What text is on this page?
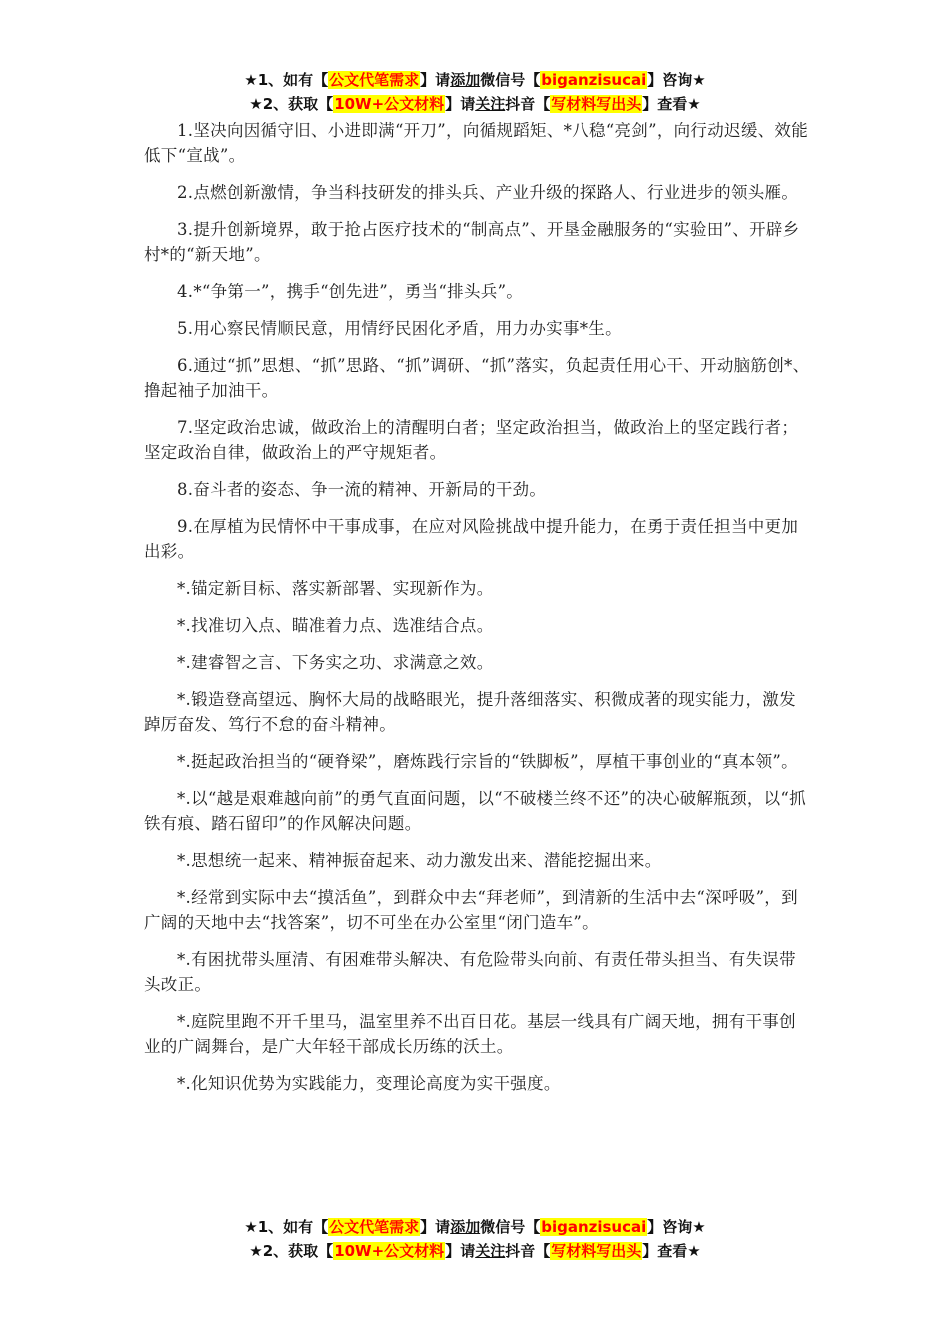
★1、如有【公文代笔需求】请添加微信号【biganzisucai】咨询★
★2、获取【10W+公文材料】请关注抖音【写材料写出头】查看★

1.坚决向因循守旧、小进即满“开刀”，向循规蹈矩、*八稳“亮剑”，向行动迟缓、效能低下“宣战”。

2.点燃创新激情，争当科技研发的排头兵、产业升级的探路人、行业进步的领头雁。

3.提升创新境界，敢于抢占医疗技术的“制高点”、开垦金融服务的“实验田”、开辟乡村*的“新天地”。

4.*“争第一”，携手“创先进”，勇当“排头兵”。

5.用心察民情顺民意，用情纾民困化矛盾，用力办实事*生。

6.通过“抓”思想、“抓”思路、“抓”调研、“抓”落实，负起责任用心干、开动脑筋创*、撸起袖子加油干。

7.坚定政治忠诚，做政治上的清醒明白者；坚定政治担当，做政治上的坚定践行者；坚定政治自律，做政治上的严守规矩者。

8.奋斗者的姿态、争一流的精神、开新局的干劲。

9.在厚植为民情怀中干事成事，在应对风险挑战中提升能力，在勇于责任担当中更加出彩。

*.锚定新目标、落实新部署、实现新作为。

*.找准切入点、瞄准着力点、选准结合点。

*.建睿智之言、下务实之功、求满意之效。

*.锻造登高望远、胸怀大局的战略眼光，提升落细落实、积微成著的现实能力，激发踔厉奋发、笃行不怠的奋斗精神。

*.挺起政治担当的“硬脊梁”，磨炼践行宗旨的“铁脚板”，厚植干事创业的“真本领”。

*.以“越是艰难越向前”的勇气直面问题，以“不破楼兰终不还”的决心破解瓶颈，以“抓铁有痕、踏石留印”的作风解决问题。

*.思想统一起来、精神振奋起来、动力激发出来、潜能挖掘出来。

*.经常到实际中去“摸活鱼”，到群众中去“拜老师”，到清新的生活中去“深呼吸”，到广阔的天地中去“找答案”，切不可坐在办公室里“闭门造车”。

*.有困扰带头厘清、有困难带头解决、有危险带头向前、有责任带头担当、有失误带头改正。

*.庭院里跑不开千里马，温室里养不出百日花。基层一线具有广阔天地，拥有干事创业的广阔舞台，是广大年轻干部成长历练的沃土。

*.化知识优势为实践能力，变理论高度为实干强度。

★1、如有【公文代笔需求】请添加微信号【biganzisucai】咨询★
★2、获取【10W+公文材料】请关注抖音【写材料写出头】查看★
